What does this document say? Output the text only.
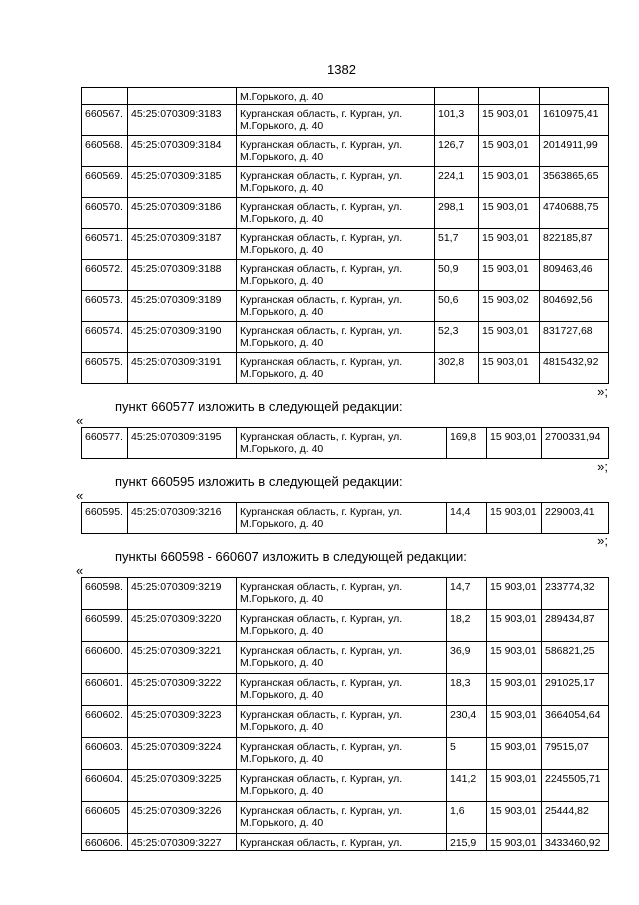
1382
		М.Горького, д. 40			
660567.	45:25:070309:3183	Курганская область, г. Курган, ул. М.Горького, д. 40	101,3	15 903,01	1610975,41
660568.	45:25:070309:3184	Курганская область, г. Курган, ул. М.Горького, д. 40	126,7	15 903,01	2014911,99
660569.	45:25:070309:3185	Курганская область, г. Курган, ул. М.Горького, д. 40	224,1	15 903,01	3563865,65
660570.	45:25:070309:3186	Курганская область, г. Курган, ул. М.Горького, д. 40	298,1	15 903,01	4740688,75
660571.	45:25:070309:3187	Курганская область, г. Курган, ул. М.Горького, д. 40	51,7	15 903,01	822185,87
660572.	45:25:070309:3188	Курганская область, г. Курган, ул. М.Горького, д. 40	50,9	15 903,01	809463,46
660573.	45:25:070309:3189	Курганская область, г. Курган, ул. М.Горького, д. 40	50,6	15 903,02	804692,56
660574.	45:25:070309:3190	Курганская область, г. Курган, ул. М.Горького, д. 40	52,3	15 903,01	831727,68
660575.	45:25:070309:3191	Курганская область, г. Курган, ул. М.Горького, д. 40	302,8	15 903,01	4815432,92
»;
пункт 660577 изложить в следующей редакции:
«
660577.	45:25:070309:3195	Курганская область, г. Курган, ул. М.Горького, д. 40	169,8	15 903,01	2700331,94
»;
пункт 660595 изложить в следующей редакции:
«
660595.	45:25:070309:3216	Курганская область, г. Курган, ул. М.Горького, д. 40	14,4	15 903,01	229003,41
»;
пункты 660598 - 660607 изложить в следующей редакции:
«
660598.	45:25:070309:3219	Курганская область, г. Курган, ул. М.Горького, д. 40	14,7	15 903,01	233774,32
660599.	45:25:070309:3220	Курганская область, г. Курган, ул. М.Горького, д. 40	18,2	15 903,01	289434,87
660600.	45:25:070309:3221	Курганская область, г. Курган, ул. М.Горького, д. 40	36,9	15 903,01	586821,25
660601.	45:25:070309:3222	Курганская область, г. Курган, ул. М.Горького, д. 40	18,3	15 903,01	291025,17
660602.	45:25:070309:3223	Курганская область, г. Курган, ул. М.Горького, д. 40	230,4	15 903,01	3664054,64
660603.	45:25:070309:3224	Курганская область, г. Курган, ул. М.Горького, д. 40	5	15 903,01	79515,07
660604.	45:25:070309:3225	Курганская область, г. Курган, ул. М.Горького, д. 40	141,2	15 903,01	2245505,71
660605	45:25:070309:3226	Курганская область, г. Курган, ул. М.Горького, д. 40	1,6	15 903,01	25444,82
660606.	45:25:070309:3227	Курганская область, г. Курган, ул.	215,9	15 903,01	3433460,92
